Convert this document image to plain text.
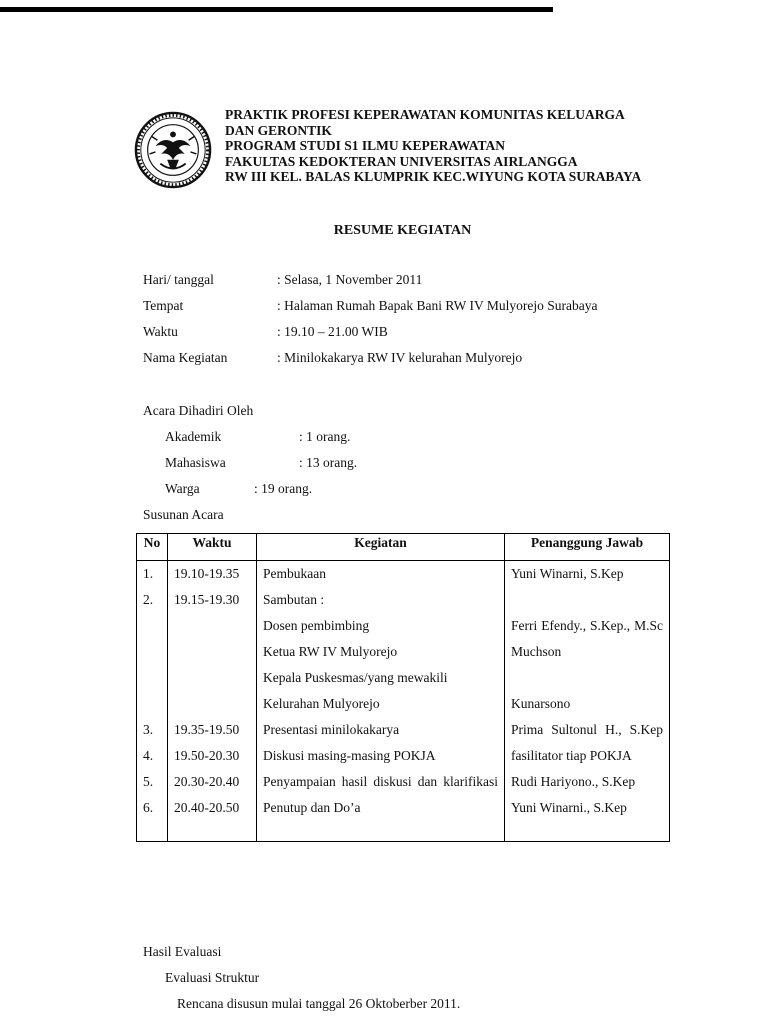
PRAKTIK PROFESI KEPERAWATAN KOMUNITAS KELUARGA
DAN GERONTIK
PROGRAM STUDI S1 ILMU KEPERAWATAN
FAKULTAS KEDOKTERAN UNIVERSITAS AIRLANGGA
RW III KEL. BALAS KLUMPRIK KEC.WIYUNG KOTA SURABAYA
RESUME KEGIATAN
Hari/ tanggal	: Selasa, 1 November 2011
Tempat	: Halaman Rumah Bapak Bani RW IV Mulyorejo Surabaya
Waktu	: 19.10 – 21.00 WIB
Nama Kegiatan	: Minilokakarya RW IV kelurahan Mulyorejo
Acara Dihadiri Oleh
Akademik	: 1 orang.
Mahasiswa	: 13 orang.
Warga	: 19 orang.
Susunan Acara
No	Waktu	Kegiatan	Penanggung Jawab
1.	19.10-19.35	Pembukaan	Yuni Winarni, S.Kep
2.	19.15-19.30	Sambutan :	
		Dosen pembimbing	Ferri Efendy., S.Kep., M.Sc
		Ketua RW IV Mulyorejo	Muchson
		Kepala Puskesmas/yang mewakili	
		Kelurahan Mulyorejo	Kunarsono
3.	19.35-19.50	Presentasi minilokakarya	Prima Sultonul H., S.Kep
4.	19.50-20.30	Diskusi masing-masing POKJA	fasilitator tiap POKJA
5.	20.30-20.40	Penyampaian hasil diskusi dan klarifikasi	Rudi Hariyono., S.Kep
6.	20.40-20.50	Penutup dan Do’a	Yuni Winarni., S.Kep
Hasil Evaluasi
Evaluasi Struktur
Rencana disusun mulai tanggal 26 Oktoberber 2011.
